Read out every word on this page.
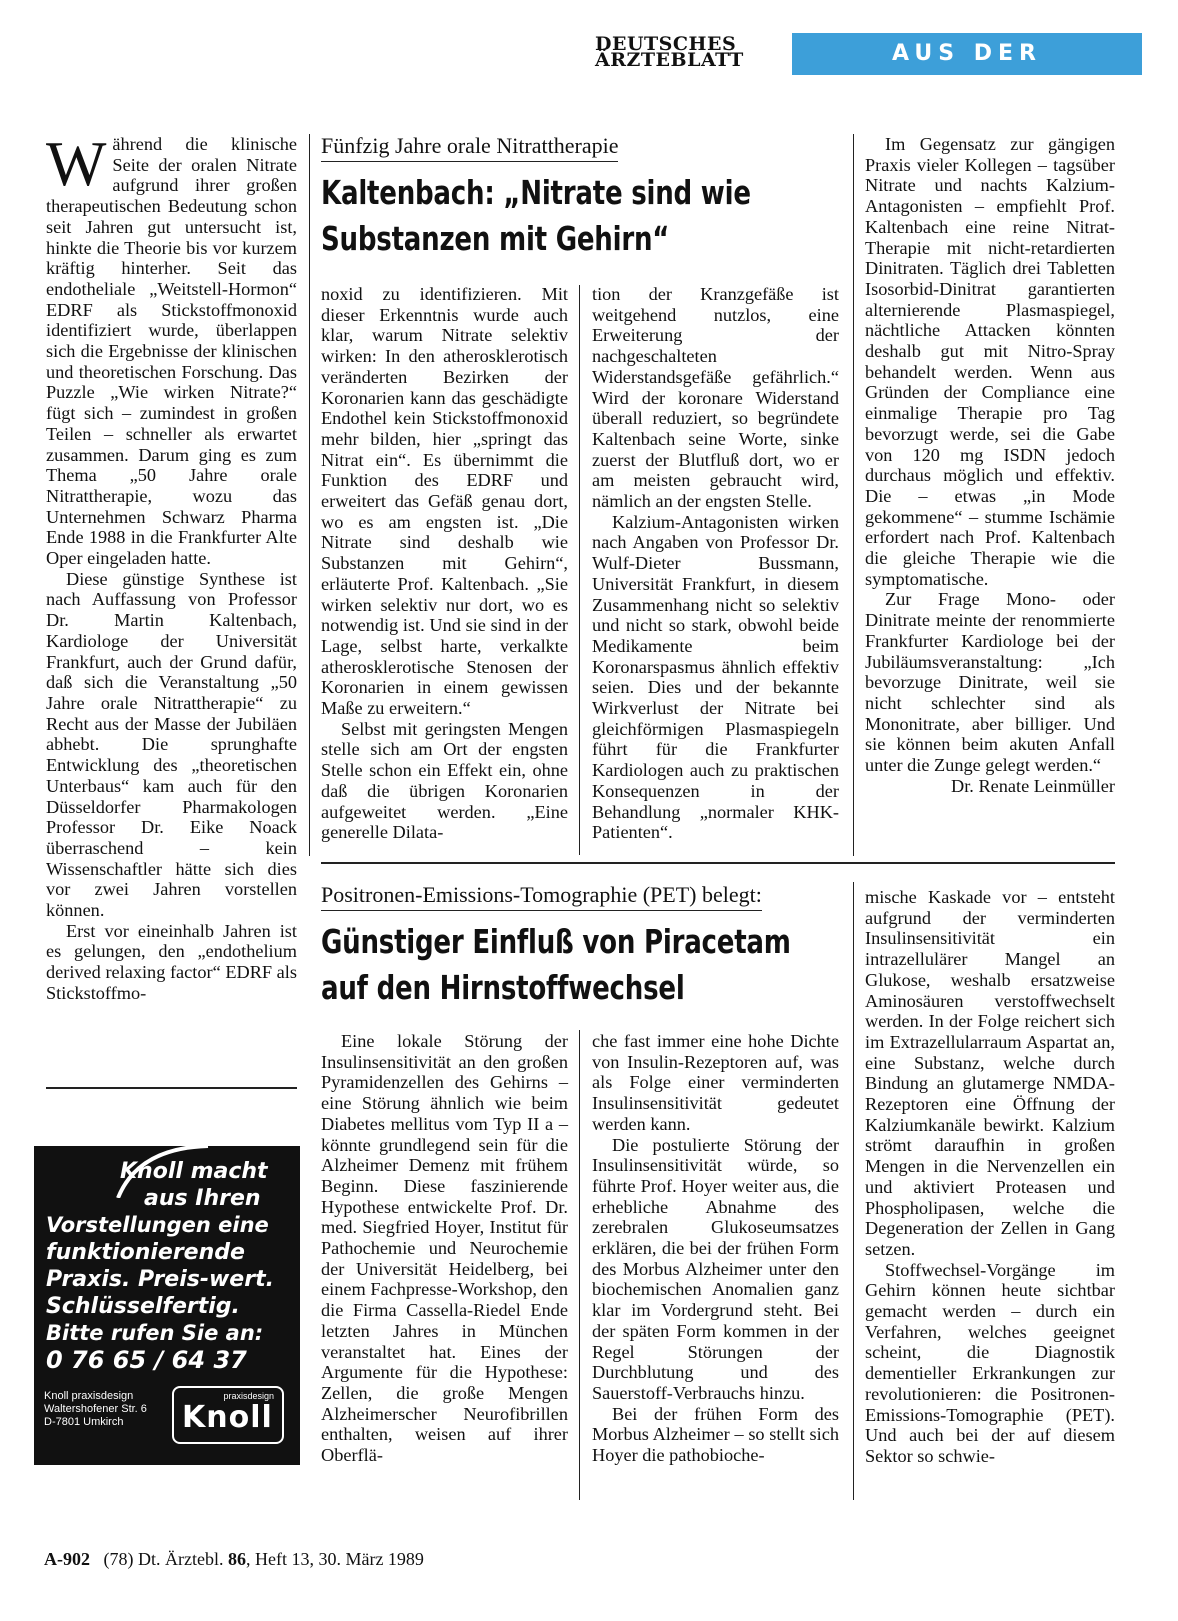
DEUTSCHES
ÄRZTEBLATT	AUS DER INDUSTRIE

Während die klinische Seite der oralen Nitrate aufgrund ihrer großen therapeutischen Bedeutung schon seit Jahren gut untersucht ist, hinkte die Theorie bis vor kurzem kräftig hinterher. Seit das endotheliale „Weitstell-Hormon“ EDRF als Stickstoffmonoxid identifiziert wurde, überlappen sich die Ergebnisse der klinischen und theoretischen Forschung. Das Puzzle „Wie wirken Nitrate?“ fügt sich – zumindest in großen Teilen – schneller als erwartet zusammen. Darum ging es zum Thema „50 Jahre orale Nitrattherapie, wozu das Unternehmen Schwarz Pharma Ende 1988 in die Frankfurter Alte Oper eingeladen hatte.

Diese günstige Synthese ist nach Auffassung von Professor Dr. Martin Kaltenbach, Kardiologe der Universität Frankfurt, auch der Grund dafür, daß sich die Veranstaltung „50 Jahre orale Nitrattherapie“ zu Recht aus der Masse der Jubiläen abhebt. Die sprunghafte Entwicklung des „theoretischen Unterbaus“ kam auch für den Düsseldorfer Pharmakologen Professor Dr. Eike Noack überraschend – kein Wissenschaftler hätte sich dies vor zwei Jahren vorstellen können.

Erst vor eineinhalb Jahren ist es gelungen, den „endothelium derived relaxing factor“ EDRF als Stickstoffmo-

Fünfzig Jahre orale Nitrattherapie
Kaltenbach: „Nitrate sind wie
Substanzen mit Gehirn“

noxid zu identifizieren. Mit dieser Erkenntnis wurde auch klar, warum Nitrate selektiv wirken: In den atherosklerotisch veränderten Bezirken der Koronarien kann das geschädigte Endothel kein Stickstoffmonoxid mehr bilden, hier „springt das Nitrat ein“. Es übernimmt die Funktion des EDRF und erweitert das Gefäß genau dort, wo es am engsten ist. „Die Nitrate sind deshalb wie Substanzen mit Gehirn“, erläuterte Prof. Kaltenbach. „Sie wirken selektiv nur dort, wo es notwendig ist. Und sie sind in der Lage, selbst harte, verkalkte atherosklerotische Stenosen der Koronarien in einem gewissen Maße zu erweitern.“

Selbst mit geringsten Mengen stelle sich am Ort der engsten Stelle schon ein Effekt ein, ohne daß die übrigen Koronarien aufgeweitet werden. „Eine generelle Dilata-

tion der Kranzgefäße ist weitgehend nutzlos, eine Erweiterung der nachgeschalteten Widerstandsgefäße gefährlich.“ Wird der koronare Widerstand überall reduziert, so begründete Kaltenbach seine Worte, sinke zuerst der Blutfluß dort, wo er am meisten gebraucht wird, nämlich an der engsten Stelle.

Kalzium-Antagonisten wirken nach Angaben von Professor Dr. Wulf-Dieter Bussmann, Universität Frankfurt, in diesem Zusammenhang nicht so selektiv und nicht so stark, obwohl beide Medikamente beim Koronarspasmus ähnlich effektiv seien. Dies und der bekannte Wirkverlust der Nitrate bei gleichförmigen Plasmaspiegeln führt für die Frankfurter Kardiologen auch zu praktischen Konsequenzen in der Behandlung „normaler KHK-Patienten“.

Im Gegensatz zur gängigen Praxis vieler Kollegen – tagsüber Nitrate und nachts Kalzium-Antagonisten – empfiehlt Prof. Kaltenbach eine reine Nitrat-Therapie mit nicht-retardierten Dinitraten. Täglich drei Tabletten Isosorbid-Dinitrat garantierten alternierende Plasmaspiegel, nächtliche Attacken könnten deshalb gut mit Nitro-Spray behandelt werden. Wenn aus Gründen der Compliance eine einmalige Therapie pro Tag bevorzugt werde, sei die Gabe von 120 mg ISDN jedoch durchaus möglich und effektiv. Die – etwas „in Mode gekommene“ – stumme Ischämie erfordert nach Prof. Kaltenbach die gleiche Therapie wie die symptomatische.

Zur Frage Mono- oder Dinitrate meinte der renommierte Frankfurter Kardiologe bei der Jubiläumsveranstaltung: „Ich bevorzuge Dinitrate, weil sie nicht schlechter sind als Mononitrate, aber billiger. Und sie können beim akuten Anfall unter die Zunge gelegt werden.“

Dr. Renate Leinmüller

Positronen-Emissions-Tomographie (PET) belegt:
Günstiger Einfluß von Piracetam
auf den Hirnstoffwechsel

Eine lokale Störung der Insulinsensitivität an den großen Pyramidenzellen des Gehirns – eine Störung ähnlich wie beim Diabetes mellitus vom Typ II a – könnte grundlegend sein für die Alzheimer Demenz mit frühem Beginn. Diese faszinierende Hypothese entwickelte Prof. Dr. med. Siegfried Hoyer, Institut für Pathochemie und Neurochemie der Universität Heidelberg, bei einem Fachpresse-Workshop, den die Firma Cassella-Riedel Ende letzten Jahres in München veranstaltet hat. Eines der Argumente für die Hypothese: Zellen, die große Mengen Alzheimerscher Neurofibrillen enthalten, weisen auf ihrer Oberflä-

che fast immer eine hohe Dichte von Insulin-Rezeptoren auf, was als Folge einer verminderten Insulinsensitivität gedeutet werden kann.

Die postulierte Störung der Insulinsensitivität würde, so führte Prof. Hoyer weiter aus, die erhebliche Abnahme des zerebralen Glukoseumsatzes erklären, die bei der frühen Form des Morbus Alzheimer unter den biochemischen Anomalien ganz klar im Vordergrund steht. Bei der späten Form kommen in der Regel Störungen der Durchblutung und des Sauerstoff-Verbrauchs hinzu.

Bei der frühen Form des Morbus Alzheimer – so stellt sich Hoyer die pathobioche-

mische Kaskade vor – entsteht aufgrund der verminderten Insulinsensitivität ein intrazellulärer Mangel an Glukose, weshalb ersatzweise Aminosäuren verstoffwechselt werden. In der Folge reichert sich im Extrazellularraum Aspartat an, eine Substanz, welche durch Bindung an glutamerge NMDA-Rezeptoren eine Öffnung der Kalziumkanäle bewirkt. Kalzium strömt daraufhin in großen Mengen in die Nervenzellen ein und aktiviert Proteasen und Phospholipasen, welche die Degeneration der Zellen in Gang setzen.

Stoffwechsel-Vorgänge im Gehirn können heute sichtbar gemacht werden – durch ein Verfahren, welches geeignet scheint, die Diagnostik dementieller Erkrankungen zur revolutionieren: die Positronen-Emissions-Tomographie (PET). Und auch bei der auf diesem Sektor so schwie-

Knoll macht
aus Ihren
Vorstellungen eine
funktionierende
Praxis. Preis-wert.
Schlüsselfertig.
Bitte rufen Sie an:
0 76 65 / 64 37
Knoll praxisdesign
Waltershofener Str. 6
D-7801 Umkirch
praxisdesign
Knoll
A-902 (78) Dt. Ärztebl. 86, Heft 13, 30. März 1989
